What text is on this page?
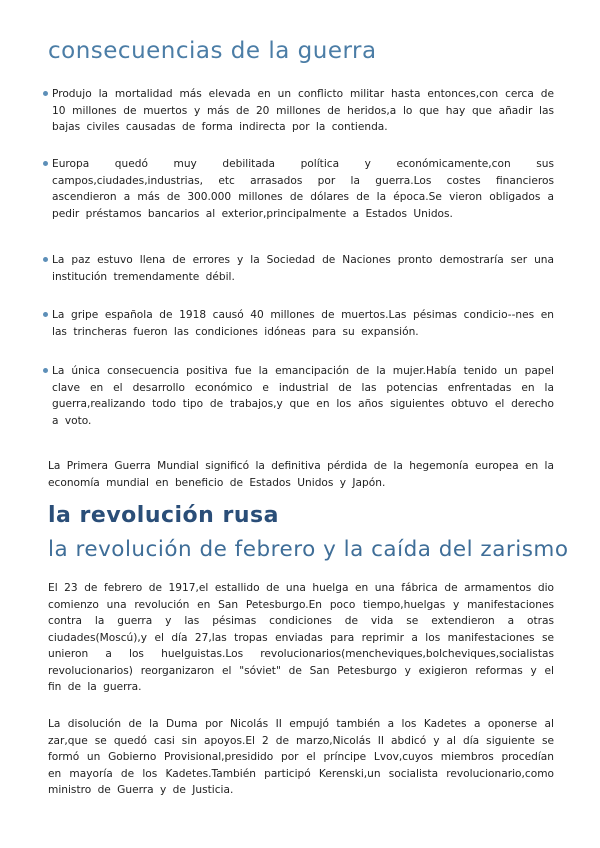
consecuencias de la guerra
Produjo la mortalidad más elevada en un conflicto militar hasta entonces,con cerca de 10 millones de muertos y más de 20 millones de heridos,a lo que hay que añadir las bajas civiles causadas de forma indirecta por la contienda.
Europa quedó muy debilitada política y económicamente,con sus campos,ciudades,industrias, etc arrasados por la guerra.Los costes financieros ascendieron a más de 300.000 millones de dólares de la época.Se vieron obligados a pedir préstamos bancarios al exterior,principalmente a Estados Unidos.
La paz estuvo llena de errores y la Sociedad de Naciones pronto demostraría ser una institución tremendamente débil.
La gripe española de 1918 causó 40 millones de muertos.Las pésimas condicio--nes en las trincheras fueron las condiciones idóneas para su expansión.
La única consecuencia positiva fue la emancipación de la mujer.Había tenido un papel clave en el desarrollo económico e industrial de las potencias enfrentadas en la guerra,realizando todo tipo de trabajos,y que en los años siguientes obtuvo el derecho a voto.

La Primera Guerra Mundial significó la definitiva pérdida de la hegemonía europea en la economía mundial en beneficio de Estados Unidos y Japón.

la revolución rusa
la revolución de febrero y la caída del zarismo

El 23 de febrero de 1917,el estallido de una huelga en una fábrica de armamentos dio comienzo una revolución en San Petesburgo.En poco tiempo,huelgas y manifestaciones contra la guerra y las pésimas condiciones de vida se extendieron a otras ciudades(Moscú),y el día 27,las tropas enviadas para reprimir a los manifestaciones se unieron a los huelguistas.Los revolucionarios(mencheviques,bolcheviques,socialistas revolucionarios) reorganizaron el "sóviet" de San Petesburgo y exigieron reformas y el fin de la guerra.

La disolución de la Duma por Nicolás II empujó también a los Kadetes a oponerse al zar,que se quedó casi sin apoyos.El 2 de marzo,Nicolás II abdicó y al día siguiente se formó un Gobierno Provisional,presidido por el príncipe Lvov,cuyos miembros procedían en mayoría de los Kadetes.También participó Kerenski,un socialista revolucionario,como ministro de Guerra y de Justicia.
